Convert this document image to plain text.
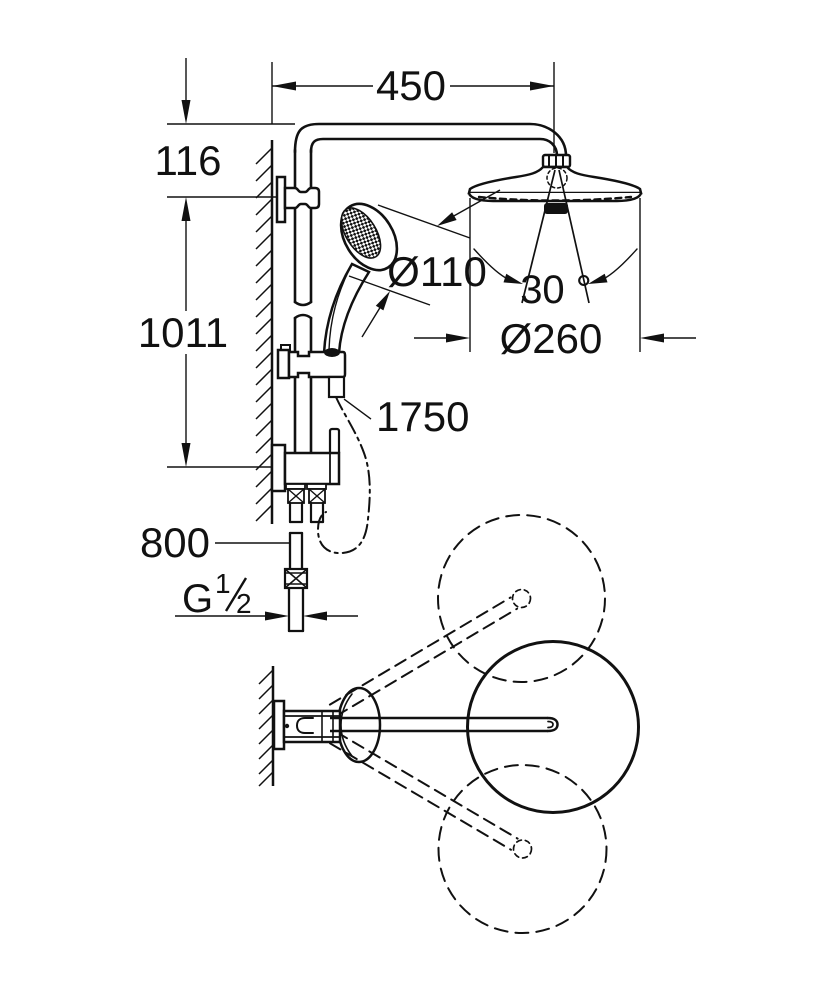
450
116
1011
Ø110 30 °
Ø260
1750
800
G 1
2
